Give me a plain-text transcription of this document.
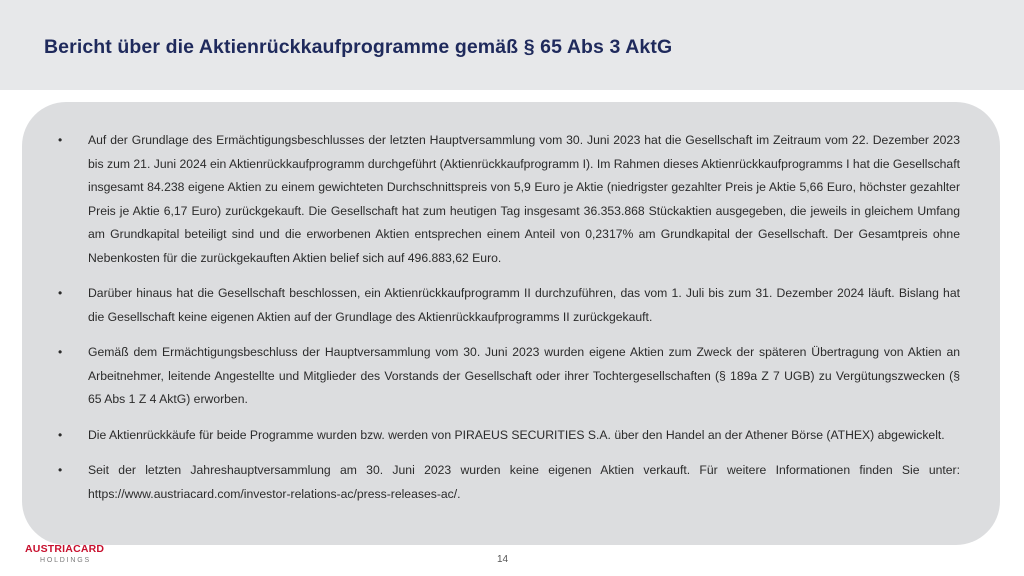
Bericht über die Aktienrückkaufprogramme gemäß § 65 Abs 3 AktG
• Auf der Grundlage des Ermächtigungsbeschlusses der letzten Hauptversammlung vom 30. Juni 2023 hat die Gesellschaft im Zeitraum vom 22. Dezember 2023 bis zum 21. Juni 2024 ein Aktienrückkaufprogramm durchgeführt (Aktienrückkaufprogramm I). Im Rahmen dieses Aktienrückkaufprogramms I hat die Gesellschaft insgesamt 84.238 eigene Aktien zu einem gewichteten Durchschnittspreis von 5,9 Euro je Aktie (niedrigster gezahlter Preis je Aktie 5,66 Euro, höchster gezahlter Preis je Aktie 6,17 Euro) zurückgekauft. Die Gesellschaft hat zum heutigen Tag insgesamt 36.353.868 Stückaktien ausgegeben, die jeweils in gleichem Umfang am Grundkapital beteiligt sind und die erworbenen Aktien entsprechen einem Anteil von 0,2317% am Grundkapital der Gesellschaft. Der Gesamtpreis ohne Nebenkosten für die zurückgekauften Aktien belief sich auf 496.883,62 Euro.
• Darüber hinaus hat die Gesellschaft beschlossen, ein Aktienrückkaufprogramm II durchzuführen, das vom 1. Juli bis zum 31. Dezember 2024 läuft. Bislang hat die Gesellschaft keine eigenen Aktien auf der Grundlage des Aktienrückkaufprogramms II zurückgekauft.
• Gemäß dem Ermächtigungsbeschluss der Hauptversammlung vom 30. Juni 2023 wurden eigene Aktien zum Zweck der späteren Übertragung von Aktien an Arbeitnehmer, leitende Angestellte und Mitglieder des Vorstands der Gesellschaft oder ihrer Tochtergesellschaften (§ 189a Z 7 UGB) zu Vergütungszwecken (§ 65 Abs 1 Z 4 AktG) erworben.
• Die Aktienrückkäufe für beide Programme wurden bzw. werden von PIRAEUS SECURITIES S.A. über den Handel an der Athener Börse (ATHEX) abgewickelt.
• Seit der letzten Jahreshauptversammlung am 30. Juni 2023 wurden keine eigenen Aktien verkauft. Für weitere Informationen finden Sie unter: https://www.austriacard.com/investor-relations-ac/press-releases-ac/.
AUSTRIACARD
HOLDINGS	14
